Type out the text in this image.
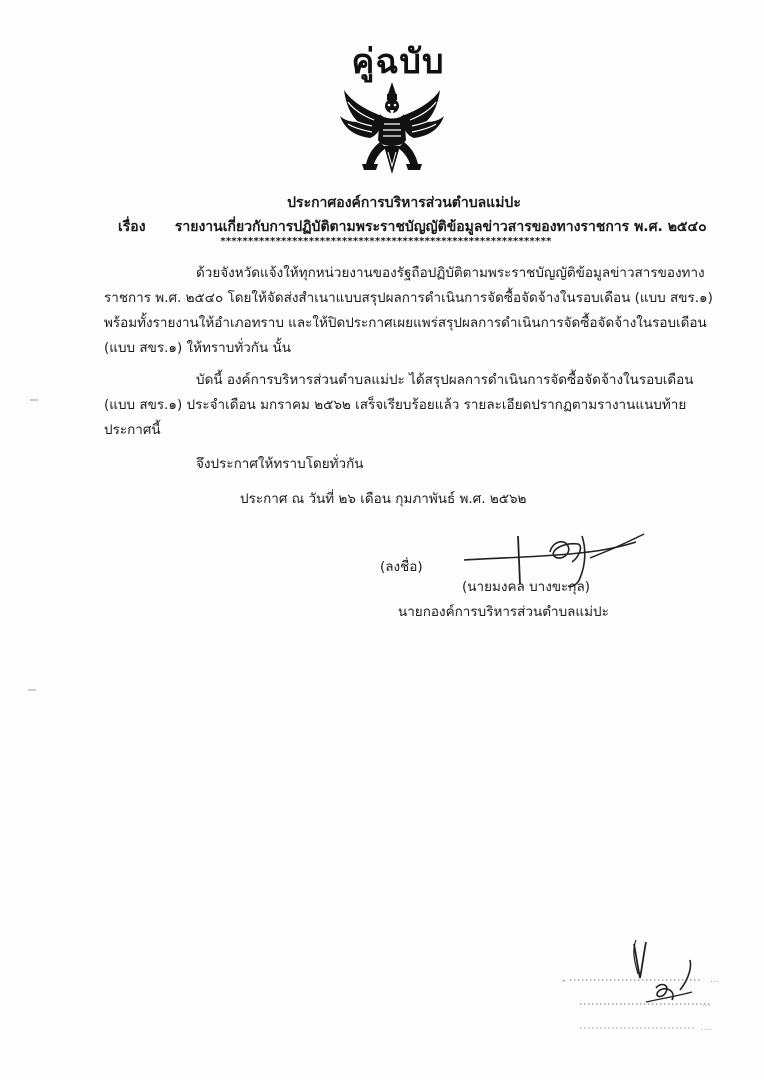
คู่ฉบับ
ประกาศองค์การบริหารส่วนตำบลแม่ปะ
เรื่อง รายงานเกี่ยวกับการปฏิบัติตามพระราชบัญญัติข้อมูลข่าวสารของทางราชการ พ.ศ. ๒๕๔๐
************************************************************
ด้วยจังหวัดแจ้งให้ทุกหน่วยงานของรัฐถือปฏิบัติตามพระราชบัญญัติข้อมูลข่าวสารของทาง
ราชการ พ.ศ. ๒๕๔๐ โดยให้จัดส่งสำเนาแบบสรุปผลการดำเนินการจัดซื้อจัดจ้างในรอบเดือน (แบบ สขร.๑)
พร้อมทั้งรายงานให้อำเภอทราบ และให้ปิดประกาศเผยแพร่สรุปผลการดำเนินการจัดซื้อจัดจ้างในรอบเดือน
(แบบ สขร.๑) ให้ทราบทั่วกัน นั้น
บัดนี้ องค์การบริหารส่วนตำบลแม่ปะ ได้สรุปผลการดำเนินการจัดซื้อจัดจ้างในรอบเดือน
(แบบ สขร.๑) ประจำเดือน มกราคม ๒๕๖๒ เสร็จเรียบร้อยแล้ว รายละเอียดปรากฏตามรางานแนบท้าย
ประกาศนี้
จึงประกาศให้ทราบโดยทั่วกัน
ประกาศ ณ วันที่ ๒๖ เดือน กุมภาพันธ์ พ.ศ. ๒๕๖๒
(ลงชื่อ)
(นายมงคล บางขะกุล)
นายกองค์การบริหารส่วนตำบลแม่ปะ
-	...
...
....
